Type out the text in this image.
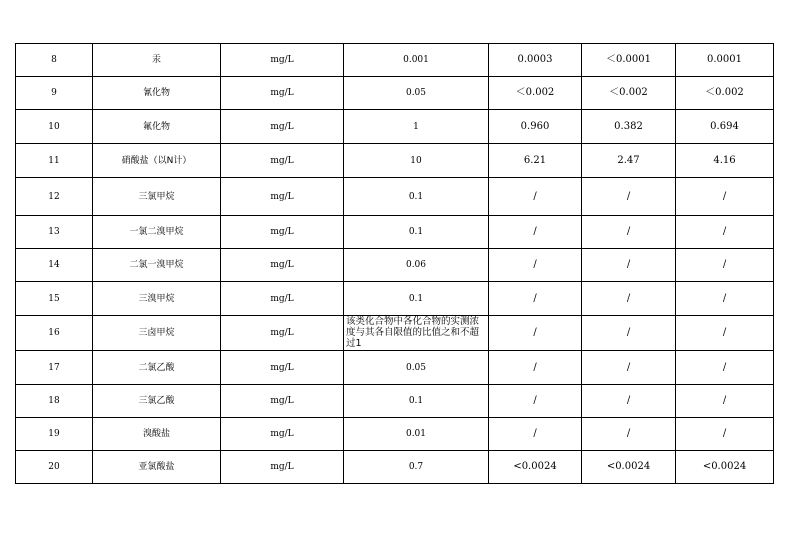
8	汞	mg/L	0.001	0.0003	＜0.0001	0.0001
9	氰化物	mg/L	0.05	＜0.002	＜0.002	＜0.002
10	氟化物	mg/L	1	0.960	0.382	0.694
11	硝酸盐（以N计）	mg/L	10	6.21	2.47	4.16
12	三氯甲烷	mg/L	0.1	/	/	/
13	一氯二溴甲烷	mg/L	0.1	/	/	/
14	二氯一溴甲烷	mg/L	0.06	/	/	/
15	三溴甲烷	mg/L	0.1	/	/	/
16	三卤甲烷	mg/L	该类化合物中各化合物的实测浓度与其各自限值的比值之和不超过1	/	/	/
17	二氯乙酸	mg/L	0.05	/	/	/
18	三氯乙酸	mg/L	0.1	/	/	/
19	溴酸盐	mg/L	0.01	/	/	/
20	亚氯酸盐	mg/L	0.7	<0.0024	<0.0024	<0.0024
